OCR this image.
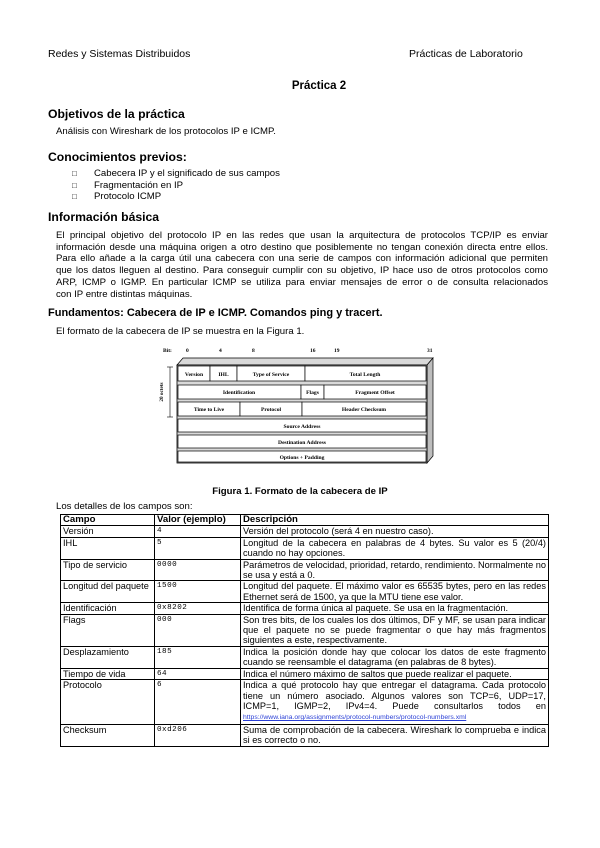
Redes y Sistemas Distribuidos	Prácticas de Laboratorio
Práctica 2
Objetivos de la práctica
Análisis con Wireshark de los protocolos IP e ICMP.
Conocimientos previos:
□ Cabecera IP y el significado de sus campos
□ Fragmentación en IP
□ Protocolo ICMP
Información básica
El principal objetivo del protocolo IP en las redes que usan la arquitectura de protocolos TCP/IP es enviar
información desde una máquina origen a otro destino que posiblemente no tengan conexión directa entre ellos.
Para ello añade a la carga útil una cabecera con una serie de campos con información adicional que permiten
que los datos lleguen al destino. Para conseguir cumplir con su objetivo, IP hace uso de otros protocolos como
ARP, ICMP o IGMP. En particular ICMP se utiliza para enviar mensajes de error o de consulta relacionados
con IP entre distintas máquinas.
Fundamentos: Cabecera de IP e ICMP. Comandos ping y tracert.
El formato de la cabecera de IP se muestra en la Figura 1.
Bit:	0	4	8	16	19	31
Version	IHL	Type of Service	Total Length
Identification	Flags	Fragment Offset
Time to Live	Protocol	Header Checksum
Source Address
Destination Address
Options + Padding
20 octets
Figura 1. Formato de la cabecera de IP
Los detalles de los campos son:
Campo	Valor (ejemplo)	Descripción
Versión	4	Versión del protocolo (será 4 en nuestro caso).
IHL	5	Longitud de la cabecera en palabras de 4 bytes. Su valor es 5 (20/4) cuando no hay opciones.
Tipo de servicio	0000	Parámetros de velocidad, prioridad, retardo, rendimiento. Normalmente no se usa y está a 0.
Longitud del paquete	1500	Longitud del paquete. El máximo valor es 65535 bytes, pero en las redes Ethernet será de 1500, ya que la MTU tiene ese valor.
Identificación	0x8202	Identifica de forma única al paquete. Se usa en la fragmentación.
Flags	000	Son tres bits, de los cuales los dos últimos, DF y MF, se usan para indicar que el paquete no se puede fragmentar o que hay más fragmentos siguientes a este, respectivamente.
Desplazamiento	185	Indica la posición donde hay que colocar los datos de este fragmento cuando se reensamble el datagrama (en palabras de 8 bytes).
Tiempo de vida	64	Indica el número máximo de saltos que puede realizar el paquete.
Protocolo	6	Indica a qué protocolo hay que entregar el datagrama. Cada protocolo tiene un número asociado. Algunos valores son TCP=6, UDP=17, ICMP=1, IGMP=2, IPv4=4. Puede consultarlos todos en https://www.iana.org/assignments/protocol-numbers/protocol-numbers.xml
Checksum	0xd206	Suma de comprobación de la cabecera. Wireshark lo comprueba e indica si es correcto o no.
